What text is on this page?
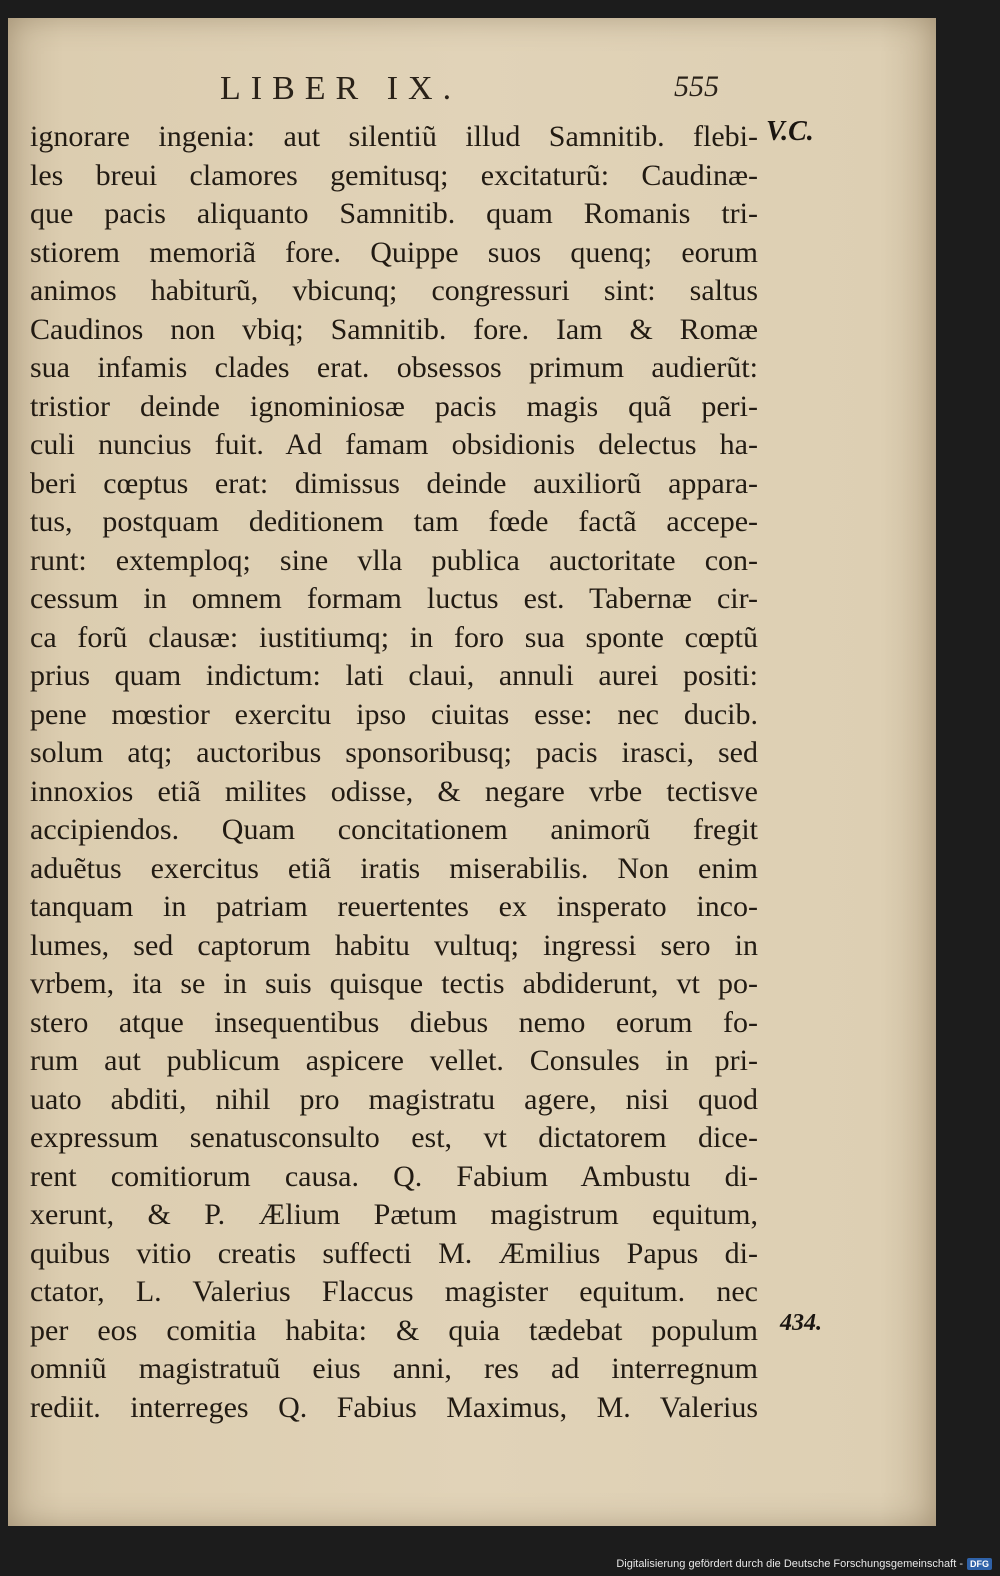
LIBER IX.	555
V.C.
ignorare ingenia: aut silentiũ illud Samnitib. flebi-
les breui clamores gemitusq; excitaturũ: Caudinæ-
que pacis aliquanto Samnitib. quam Romanis tri-
stiorem memoriã fore. Quippe suos quenq; eorum
animos habiturũ, vbicunq; congressuri sint: saltus
Caudinos non vbiq; Samnitib. fore. Iam & Romæ
sua infamis clades erat. obsessos primum audierũt:
tristior deinde ignominiosæ pacis magis quã peri-
culi nuncius fuit. Ad famam obsidionis delectus ha-
beri cœptus erat: dimissus deinde auxiliorũ appara-
tus, postquam deditionem tam fœde factã accepe-
runt: extemploq; sine vlla publica auctoritate con-
cessum in omnem formam luctus est. Tabernæ cir-
ca forũ clausæ: iustitiumq; in foro sua sponte cœptũ
prius quam indictum: lati claui, annuli aurei positi:
pene mœstior exercitu ipso ciuitas esse: nec ducib.
solum atq; auctoribus sponsoribusq; pacis irasci, sed
innoxios etiã milites odisse, & negare vrbe tectisve
accipiendos. Quam concitationem animorũ fregit
aduẽtus exercitus etiã iratis miserabilis. Non enim
tanquam in patriam reuertentes ex insperato inco-
lumes, sed captorum habitu vultuq; ingressi sero in
vrbem, ita se in suis quisque tectis abdiderunt, vt po-
stero atque insequentibus diebus nemo eorum fo-
rum aut publicum aspicere vellet. Consules in pri-
uato abditi, nihil pro magistratu agere, nisi quod
expressum senatusconsulto est, vt dictatorem dice-
rent comitiorum causa. Q. Fabium Ambustu di-
xerunt, & P. Ælium Pætum magistrum equitum,
quibus vitio creatis suffecti M. Æmilius Papus di-
ctator, L. Valerius Flaccus magister equitum. nec
per eos comitia habita: & quia tædebat populum
omniũ magistratuũ eius anni, res ad interregnum
rediit. interreges Q. Fabius Maximus, M. Valerius
434.
Digitalisierung gefördert durch die Deutsche Forschungsgemeinschaft - DFG
